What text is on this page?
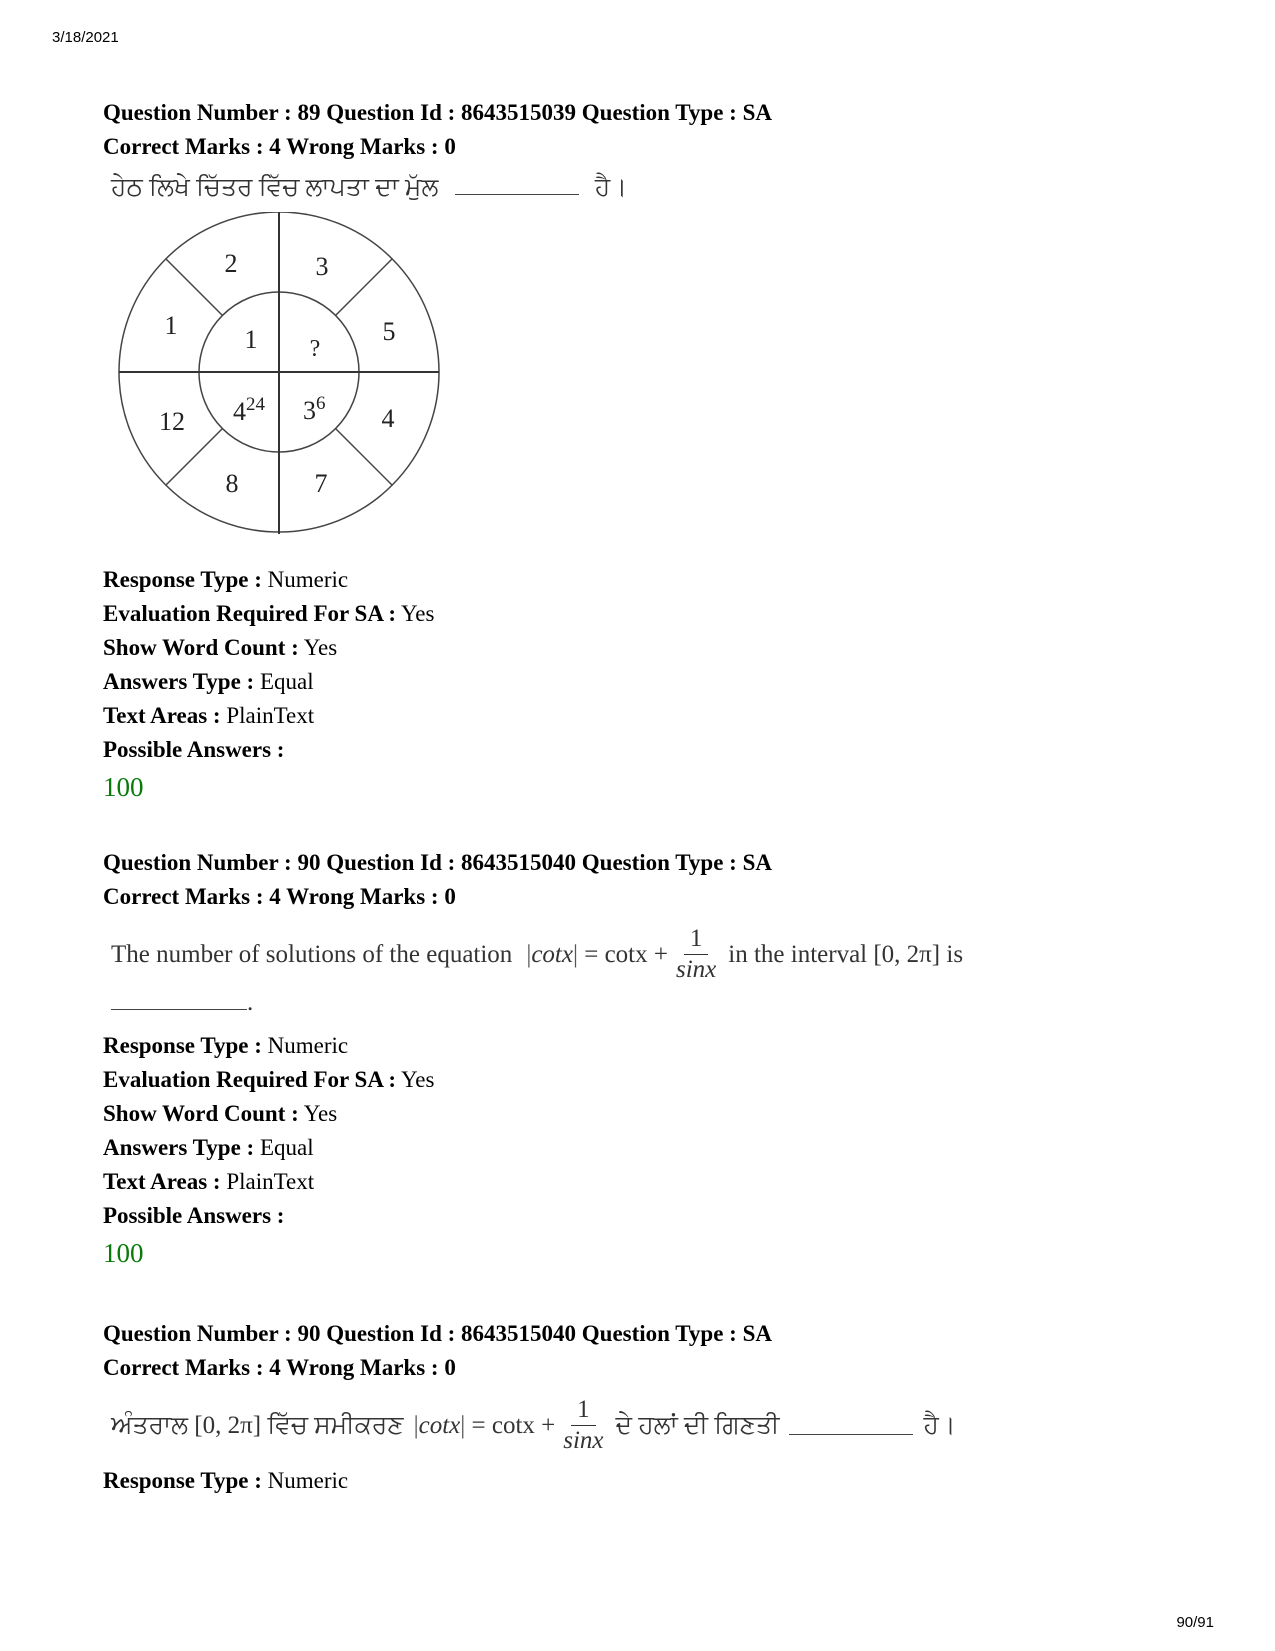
3/18/2021
Question Number : 89 Question Id : 8643515039 Question Type : SA
Correct Marks : 4 Wrong Marks : 0
ਹੇਠ ਲਿਖੇ ਚਿੱਤਰ ਵਿੱਚ ਲਾਪਤਾ ਦਾ ਮੁੱਲ	ਹੈ।
2	3
5
4
7
8
12
1	1 ?
$4^{24}$ $3^6$
Response Type : Numeric
Evaluation Required For SA : Yes
Show Word Count : Yes
Answers Type : Equal
Text Areas : PlainText
Possible Answers :
100
Question Number : 90 Question Id : 8643515040 Question Type : SA
Correct Marks : 4 Wrong Marks : 0
The number of solutions of the equation $|\cot x| = \cot x + \frac{1}{\sin x}$ in the interval [0, 2π] is
.
Response Type : Numeric
Evaluation Required For SA : Yes
Show Word Count : Yes
Answers Type : Equal
Text Areas : PlainText
Possible Answers :
100
Question Number : 90 Question Id : 8643515040 Question Type : SA
Correct Marks : 4 Wrong Marks : 0
ਅੰਤਰਾਲ [0, 2π] ਵਿੱਚ ਸਮੀਕਰਣ $|\cot x| = \cot x + \frac{1}{\sin x}$ ਦੇ ਹਲਾਂ ਦੀ ਗਿਣਤੀ	ਹੈ।
Response Type : Numeric
90/91
